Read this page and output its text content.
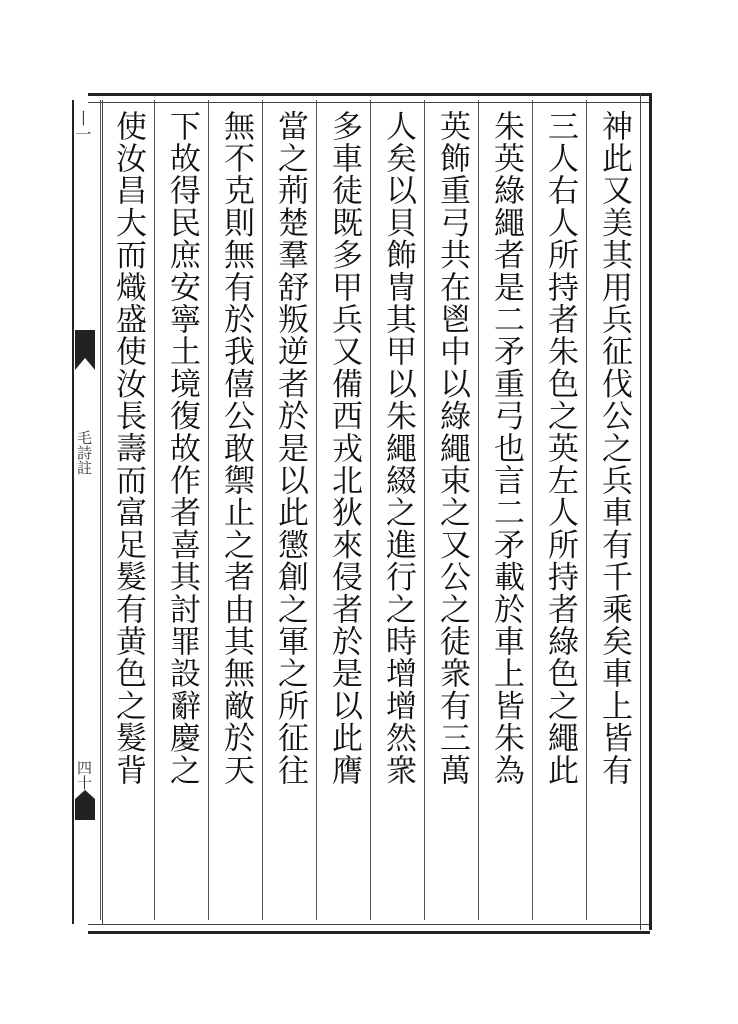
丨一
毛詩註
四十	神此又美其用兵征伐公之兵車有千乘矣車上皆有
三人右人所持者朱色之英左人所持者綠色之繩此
朱英綠繩者是二矛重弓也言二矛載於車上皆朱為
英飾重弓共在鬯中以綠繩束之又公之徒衆有三萬
人矣以貝飾冑其甲以朱繩綴之進行之時增增然衆
多車徒既多甲兵又備西戎北狄來侵者於是以此膺
當之荊楚羣舒叛逆者於是以此懲創之軍之所征往
無不克則無有於我僖公敢禦止之者由其無敵於天
下故得民庶安寧土境復故作者喜其討罪設辭慶之
使汝昌大而熾盛使汝長壽而富足髮有黄色之髮背
